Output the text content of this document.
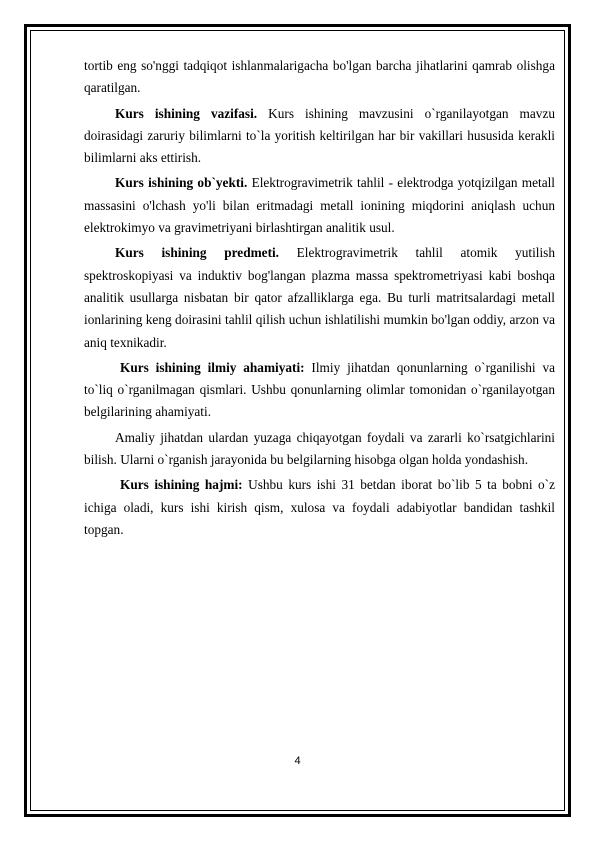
tortib eng so'nggi tadqiqot ishlanmalarigacha bo'lgan barcha jihatlarini qamrab olishga qaratilgan.

Kurs ishining vazifasi. Kurs ishining mavzusini o`rganilayotgan mavzu doirasidagi zaruriy bilimlarni to`la yoritish keltirilgan har bir vakillari hususida kerakli bilimlarni aks ettirish.

Kurs ishining ob`yekti. Elektrogravimetrik tahlil - elektrodga yotqizilgan metall massasini o'lchash yo'li bilan eritmadagi metall ionining miqdorini aniqlash uchun elektrokimyo va gravimetriyani birlashtirgan analitik usul.

Kurs ishining predmeti. Elektrogravimetrik tahlil atomik yutilish spektroskopiyasi va induktiv bog'langan plazma massa spektrometriyasi kabi boshqa analitik usullarga nisbatan bir qator afzalliklarga ega. Bu turli matritsalardagi metall ionlarining keng doirasini tahlil qilish uchun ishlatilishi mumkin bo'lgan oddiy, arzon va aniq texnikadir.

Kurs ishining ilmiy ahamiyati: Ilmiy jihatdan qonunlarning o`rganilishi va to`liq o`rganilmagan qismlari. Ushbu qonunlarning olimlar tomonidan o`rganilayotgan belgilarining ahamiyati.

Amaliy jihatdan ulardan yuzaga chiqayotgan foydali va zararli ko`rsatgichlarini bilish. Ularni o`rganish jarayonida bu belgilarning hisobga olgan holda yondashish.

Kurs ishining hajmi: Ushbu kurs ishi 31 betdan iborat bo`lib 5 ta bobni o`z ichiga oladi, kurs ishi kirish qism, xulosa va foydali adabiyotlar bandidan tashkil topgan.

4
